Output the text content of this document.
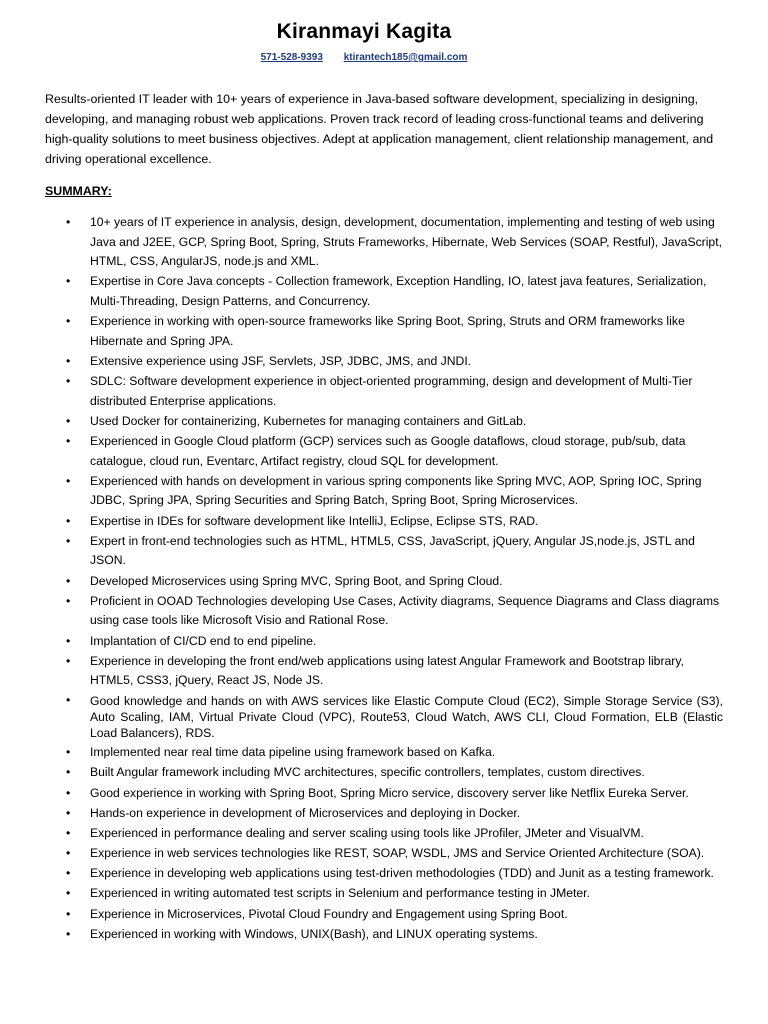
Kiranmayi Kagita
571-528-9393 ktirantech185@gmail.com

Results-oriented IT leader with 10+ years of experience in Java-based software development, specializing in designing, developing, and managing robust web applications. Proven track record of leading cross-functional teams and delivering high-quality solutions to meet business objectives. Adept at application management, client relationship management, and driving operational excellence.

SUMMARY:

• 10+ years of IT experience in analysis, design, development, documentation, implementing and testing of web using Java and J2EE, GCP, Spring Boot, Spring, Struts Frameworks, Hibernate, Web Services (SOAP, Restful), JavaScript, HTML, CSS, AngularJS, node.js and XML.
• Expertise in Core Java concepts - Collection framework, Exception Handling, IO, latest java features, Serialization, Multi-Threading, Design Patterns, and Concurrency.
• Experience in working with open-source frameworks like Spring Boot, Spring, Struts and ORM frameworks like Hibernate and Spring JPA.
• Extensive experience using JSF, Servlets, JSP, JDBC, JMS, and JNDI.
• SDLC: Software development experience in object-oriented programming, design and development of Multi-Tier distributed Enterprise applications.
• Used Docker for containerizing, Kubernetes for managing containers and GitLab.
• Experienced in Google Cloud platform (GCP) services such as Google dataflows, cloud storage, pub/sub, data catalogue, cloud run, Eventarc, Artifact registry, cloud SQL for development.
• Experienced with hands on development in various spring components like Spring MVC, AOP, Spring IOC, Spring JDBC, Spring JPA, Spring Securities and Spring Batch, Spring Boot, Spring Microservices.
• Expertise in IDEs for software development like IntelliJ, Eclipse, Eclipse STS, RAD.
• Expert in front-end technologies such as HTML, HTML5, CSS, JavaScript, jQuery, Angular JS,node.js, JSTL and JSON.
• Developed Microservices using Spring MVC, Spring Boot, and Spring Cloud.
• Proficient in OOAD Technologies developing Use Cases, Activity diagrams, Sequence Diagrams and Class diagrams using case tools like Microsoft Visio and Rational Rose.
• Implantation of CI/CD end to end pipeline.
• Experience in developing the front end/web applications using latest Angular Framework and Bootstrap library, HTML5, CSS3, jQuery, React JS, Node JS.
• Good knowledge and hands on with AWS services like Elastic Compute Cloud (EC2), Simple Storage Service (S3), Auto Scaling, IAM, Virtual Private Cloud (VPC), Route53, Cloud Watch, AWS CLI, Cloud Formation, ELB (Elastic Load Balancers), RDS.
• Implemented near real time data pipeline using framework based on Kafka.
• Built Angular framework including MVC architectures, specific controllers, templates, custom directives.
• Good experience in working with Spring Boot, Spring Micro service, discovery server like Netflix Eureka Server.
• Hands-on experience in development of Microservices and deploying in Docker.
• Experienced in performance dealing and server scaling using tools like JProfiler, JMeter and VisualVM.
• Experience in web services technologies like REST, SOAP, WSDL, JMS and Service Oriented Architecture (SOA).
• Experience in developing web applications using test-driven methodologies (TDD) and Junit as a testing framework.
• Experienced in writing automated test scripts in Selenium and performance testing in JMeter.
• Experience in Microservices, Pivotal Cloud Foundry and Engagement using Spring Boot.
• Experienced in working with Windows, UNIX(Bash), and LINUX operating systems.
